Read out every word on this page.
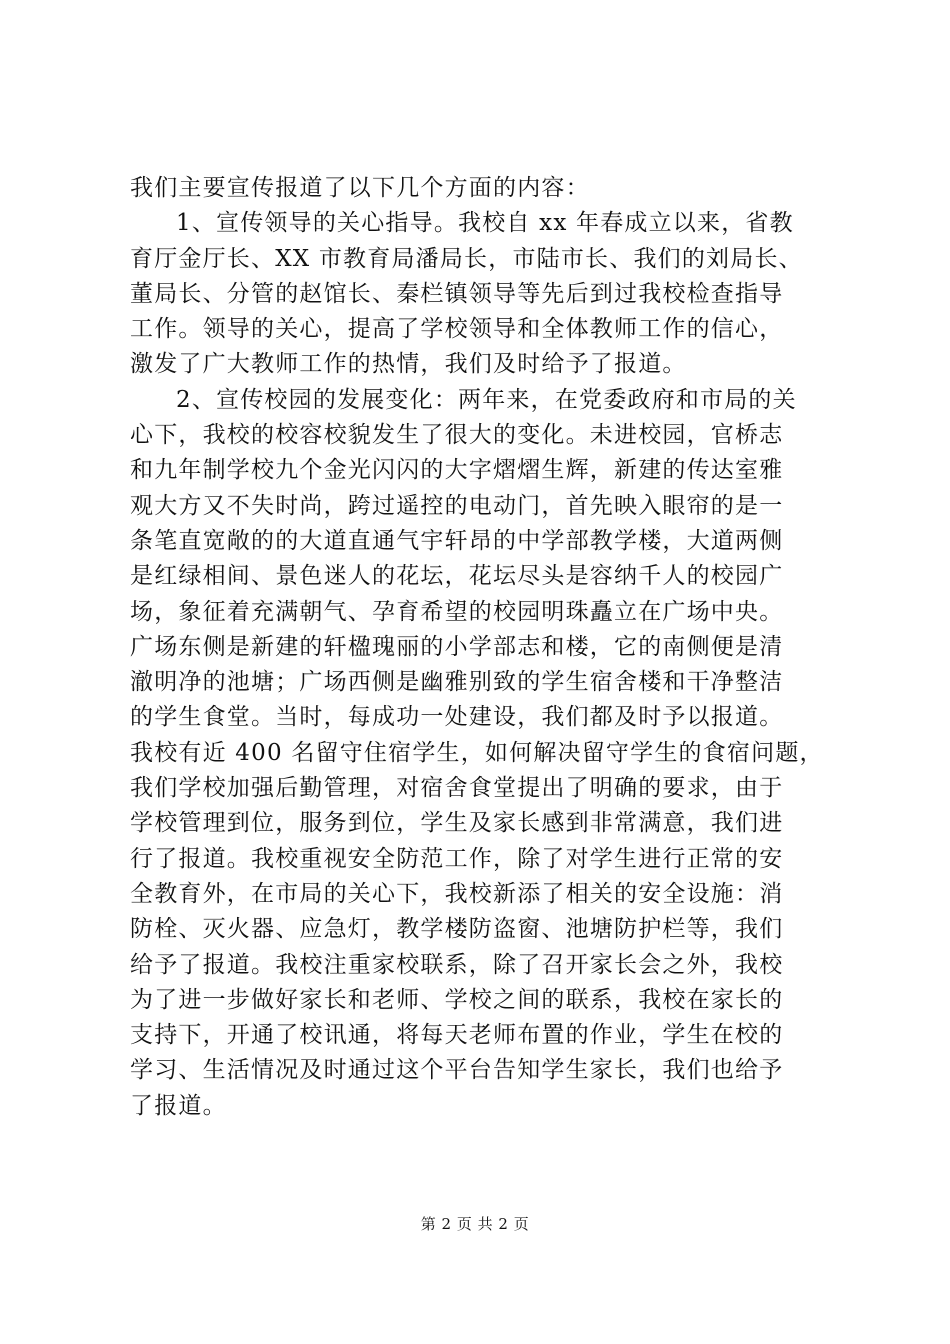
我们主要宣传报道了以下几个方面的内容：
1、宣传领导的关心指导。我校自 xx 年春成立以来，省教
育厅金厅长、XX 市教育局潘局长，市陆市长、我们的刘局长、
董局长、分管的赵馆长、秦栏镇领导等先后到过我校检查指导
工作。领导的关心，提高了学校领导和全体教师工作的信心，
激发了广大教师工作的热情，我们及时给予了报道。
2、宣传校园的发展变化：两年来，在党委政府和市局的关
心下，我校的校容校貌发生了很大的变化。未进校园，官桥志
和九年制学校九个金光闪闪的大字熠熠生辉，新建的传达室雅
观大方又不失时尚，跨过遥控的电动门，首先映入眼帘的是一
条笔直宽敞的的大道直通气宇轩昂的中学部教学楼，大道两侧
是红绿相间、景色迷人的花坛，花坛尽头是容纳千人的校园广
场，象征着充满朝气、孕育希望的校园明珠矗立在广场中央。
广场东侧是新建的轩楹瑰丽的小学部志和楼，它的南侧便是清
澈明净的池塘；广场西侧是幽雅别致的学生宿舍楼和干净整洁
的学生食堂。当时，每成功一处建设，我们都及时予以报道。
我校有近 400 名留守住宿学生，如何解决留守学生的食宿问题，
我们学校加强后勤管理，对宿舍食堂提出了明确的要求，由于
学校管理到位，服务到位，学生及家长感到非常满意，我们进
行了报道。我校重视安全防范工作，除了对学生进行正常的安
全教育外，在市局的关心下，我校新添了相关的安全设施：消
防栓、灭火器、应急灯，教学楼防盗窗、池塘防护栏等，我们
给予了报道。我校注重家校联系，除了召开家长会之外，我校
为了进一步做好家长和老师、学校之间的联系，我校在家长的
支持下，开通了校讯通，将每天老师布置的作业，学生在校的
学习、生活情况及时通过这个平台告知学生家长，我们也给予
了报道。
第 2 页 共 2 页
